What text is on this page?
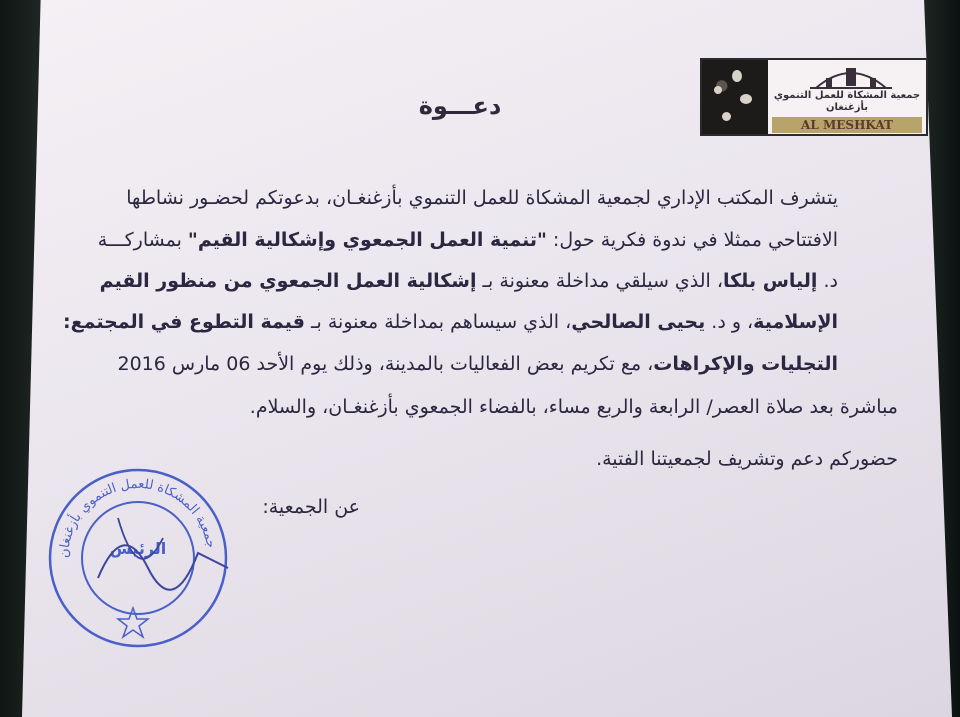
جمعية المشكاة للعمل التنموي بأزغنغان
AL MESHKAT
دعـــوة
يتشرف المكتب الإداري لجمعية المشكاة للعمل التنموي بأزغنغـان، بدعوتكم لحضـور نشاطها
الافتتاحي ممثلا في ندوة فكرية حول: "تنمية العمل الجمعوي وإشكالية القيم" بمشاركـــة
د. إلياس بلكا، الذي سيلقي مداخلة معنونة بـ إشكالية العمل الجمعوي من منظور القيم
الإسلامية، و د. يحيى الصالحي، الذي سيساهم بمداخلة معنونة بـ قيمة التطوع في المجتمع:
التجليات والإكراهات، مع تكريم بعض الفعاليات بالمدينة، وذلك يوم الأحد 06 مارس 2016
مباشرة بعد صلاة العصر/ الرابعة والربع مساء، بالفضاء الجمعوي بأزغنغـان، والسلام.
حضوركم دعم وتشريف لجمعيتنا الفتية.
عن الجمعية:
جمعية المشكاة للعمل التنموي بأزغنغان
الرئيس
